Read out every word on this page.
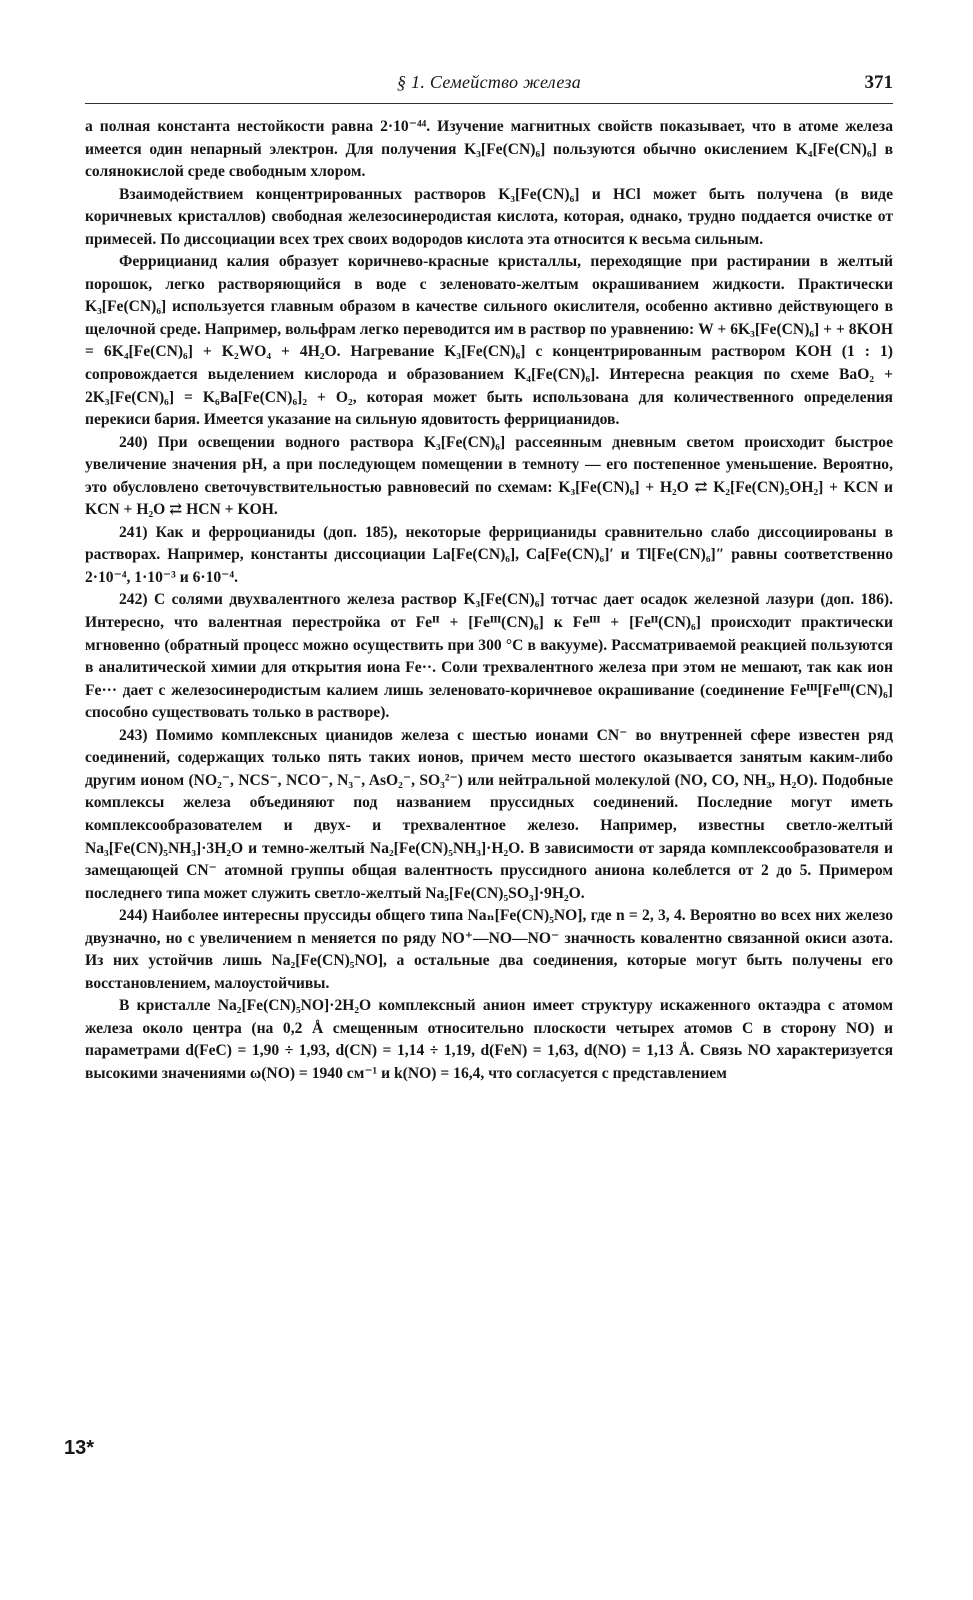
§ 1. Семейство железа	371

а полная константа нестойкости равна 2·10⁻⁴⁴. Изучение магнитных свойств показывает, что в атоме железа имеется один непарный электрон. Для получения K₃[Fe(CN)₆] пользуются обычно окислением K₄[Fe(CN)₆] в солянокислой среде свободным хлором.

Взаимодействием концентрированных растворов K₃[Fe(CN)₆] и HCl может быть получена (в виде коричневых кристаллов) свободная железосинеродистая кислота, которая, однако, трудно поддается очистке от примесей. По диссоциации всех трех своих водородов кислота эта относится к весьма сильным.

Феррицианид калия образует коричнево-красные кристаллы, переходящие при растирании в желтый порошок, легко растворяющийся в воде с зеленовато-желтым окрашиванием жидкости. Практически K₃[Fe(CN)₆] используется главным образом в качестве сильного окислителя, особенно активно действующего в щелочной среде. Например, вольфрам легко переводится им в раствор по уравнению: W + 6K₃[Fe(CN)₆] + + 8KOH = 6K₄[Fe(CN)₆] + K₂WO₄ + 4H₂O. Нагревание K₃[Fe(CN)₆] с концентрированным раствором KOH (1 : 1) сопровождается выделением кислорода и образованием K₄[Fe(CN)₆]. Интересна реакция по схеме BaO₂ + 2K₃[Fe(CN)₆] = K₆Ba[Fe(CN)₆]₂ + O₂, которая может быть использована для количественного определения перекиси бария. Имеется указание на сильную ядовитость феррицианидов.

240) При освещении водного раствора K₃[Fe(CN)₆] рассеянным дневным светом происходит быстрое увеличение значения pH, а при последующем помещении в темноту — его постепенное уменьшение. Вероятно, это обусловлено светочувствительностью равновесий по схемам: K₃[Fe(CN)₆] + H₂O ⇄ K₂[Fe(CN)₅OH₂] + KCN и KCN + H₂O ⇄ HCN + KOH.

241) Как и ферроцианиды (доп. 185), некоторые феррицианиды сравнительно слабо диссоциированы в растворах. Например, константы диссоциации La[Fe(CN)₆], Ca[Fe(CN)₆]′ и Tl[Fe(CN)₆]″ равны соответственно 2·10⁻⁴, 1·10⁻³ и 6·10⁻⁴.

242) С солями двухвалентного железа раствор K₃[Fe(CN)₆] тотчас дает осадок железной лазури (доп. 186). Интересно, что валентная перестройка от Feᴵᴵ + [Feᴵᴵᴵ(CN)₆] к Feᴵᴵᴵ + [Feᴵᴵ(CN)₆] происходит практически мгновенно (обратный процесс можно осуществить при 300 °C в вакууме). Рассматриваемой реакцией пользуются в аналитической химии для открытия иона Fe··. Соли трехвалентного железа при этом не мешают, так как ион Fe··· дает с железосинеродистым калием лишь зеленовато-коричневое окрашивание (соединение Feᴵᴵᴵ[Feᴵᴵᴵ(CN)₆] способно существовать только в растворе).

243) Помимо комплексных цианидов железа с шестью ионами CN⁻ во внутренней сфере известен ряд соединений, содержащих только пять таких ионов, причем место шестого оказывается занятым каким-либо другим ионом (NO₂⁻, NCS⁻, NCO⁻, N₃⁻, AsO₂⁻, SO₃²⁻) или нейтральной молекулой (NO, CO, NH₃, H₂O). Подобные комплексы железа объединяют под названием прусcидных соединений. Последние могут иметь комплексообразователем и двух- и трехвалентное железо. Например, известны светло-желтый Na₃[Fe(CN)₅NH₃]·3H₂O и темно-желтый Na₂[Fe(CN)₅NH₃]·H₂O. В зависимости от заряда комплексообразователя и замещающей CN⁻ атомной группы общая валентность пруссидного аниона колеблется от 2 до 5. Примером последнего типа может служить светло-желтый Na₅[Fe(CN)₅SO₃]·9H₂O.

244) Наиболее интересны пруссиды общего типа Naₙ[Fe(CN)₅NO], где n = 2, 3, 4. Вероятно во всех них железо двузначно, но с увеличением n меняется по ряду NO⁺—NO—NO⁻ значность ковалентно связанной окиси азота. Из них устойчив лишь Na₂[Fe(CN)₅NO], а остальные два соединения, которые могут быть получены его восстановлением, малоустойчивы.

В кристалле Na₂[Fe(CN)₅NO]·2H₂O комплексный анион имеет структуру искаженного октаэдра с атомом железа около центра (на 0,2 Å смещенным относительно плоскости четырех атомов C в сторону NO) и параметрами d(FeC) = 1,90 ÷ 1,93, d(CN) = 1,14 ÷ 1,19, d(FeN) = 1,63, d(NO) = 1,13 Å. Связь NO характеризуется высокими значениями ω(NO) = 1940 см⁻¹ и k(NO) = 16,4, что согласуется с представлением

13*
